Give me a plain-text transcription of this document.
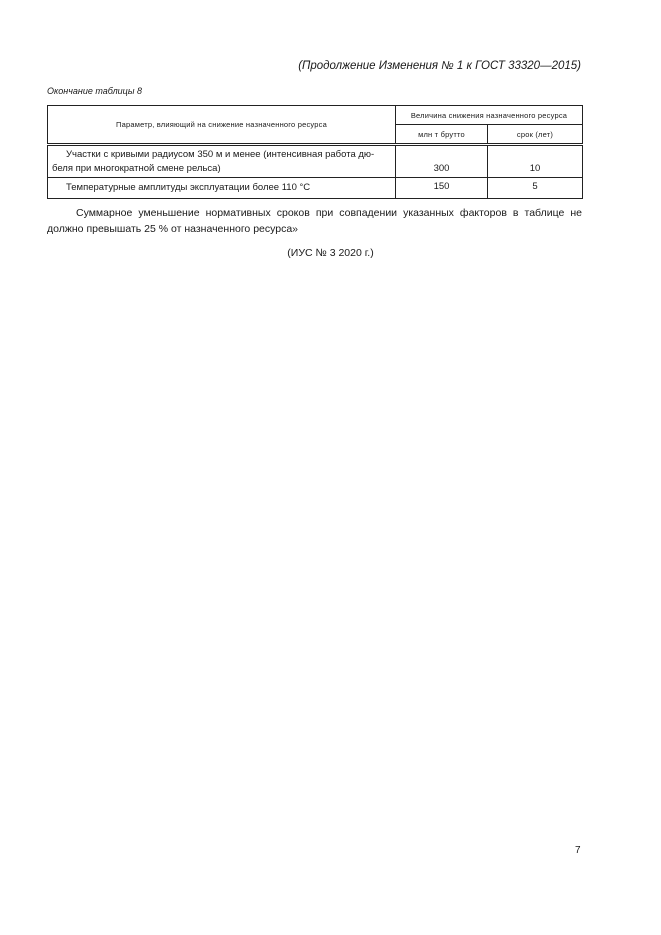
(Продолжение Изменения № 1 к ГОСТ 33320—2015)
Окончание таблицы 8
Параметр, влияющий на снижение назначенного ресурса	Величина снижения назначенного ресурса	
	млн т брутто	срок (лет)

Участки с кривыми радиусом 350 м и менее (интенсивная работа дю-
беля при многократной смене рельса)	300	10
Температурные амплитуды эксплуатации более 110 °С	150	5

Суммарное уменьшение нормативных сроков при совпадении указанных факторов в таблице не должно превышать 25 % от назначенного ресурса»

(ИУС № 3 2020 г.)
7
